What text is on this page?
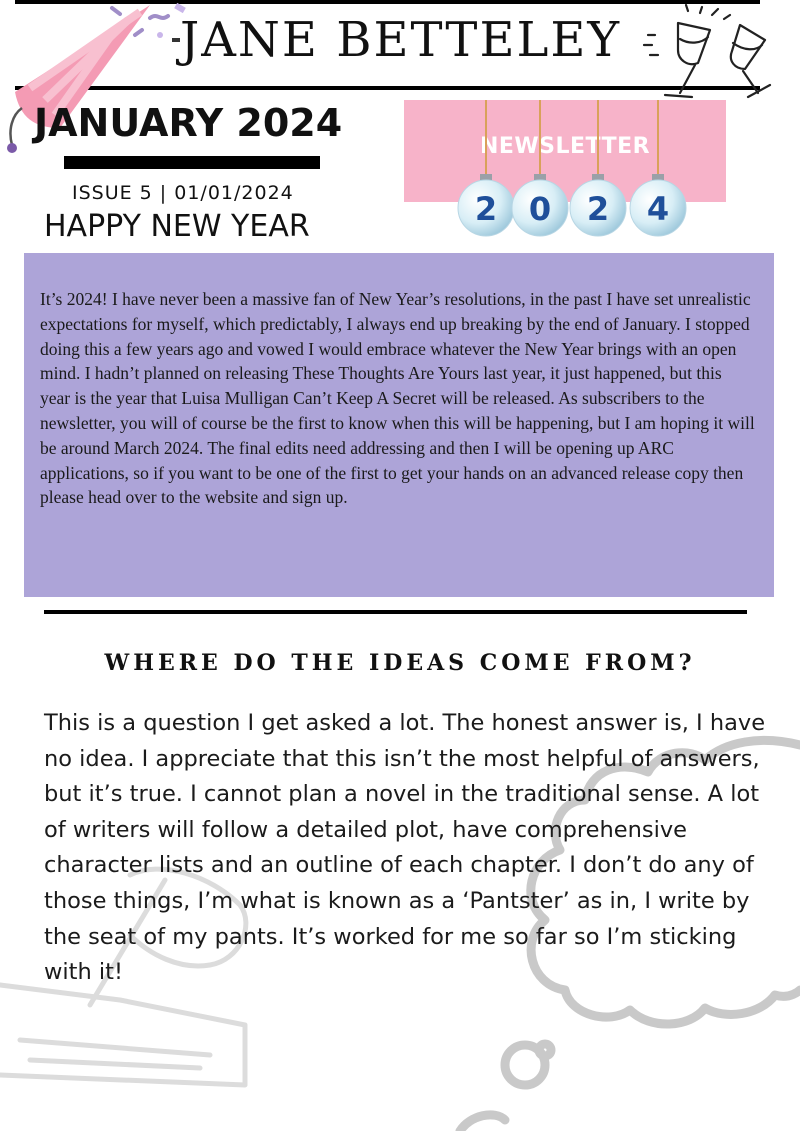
JANE BETTELEY
JANUARY 2024
ISSUE 5 | 01/01/2024
HAPPY NEW YEAR
NEWSLETTER
2 0 2 4

It’s 2024! I have never been a massive fan of New Year’s resolutions, in the past I have set unrealistic expectations for myself, which predictably, I always end up breaking by the end of January. I stopped doing this a few years ago and vowed I would embrace whatever the New Year brings with an open mind. I hadn’t planned on releasing These Thoughts Are Yours last year, it just happened, but this year is the year that Luisa Mulligan Can’t Keep A Secret will be released. As subscribers to the newsletter, you will of course be the first to know when this will be happening, but I am hoping it will be around March 2024. The final edits need addressing and then I will be opening up ARC applications, so if you want to be one of the first to get your hands on an advanced release copy then please head over to the website and sign up.

WHERE DO THE IDEAS COME FROM?

This is a question I get asked a lot. The honest answer is, I have no idea. I appreciate that this isn’t the most helpful of answers, but it’s true. I cannot plan a novel in the traditional sense. A lot of writers will follow a detailed plot, have comprehensive character lists and an outline of each chapter. I don’t do any of those things, I’m what is known as a ‘Pantster’ as in, I write by the seat of my pants. It’s worked for me so far so I’m sticking with it!
